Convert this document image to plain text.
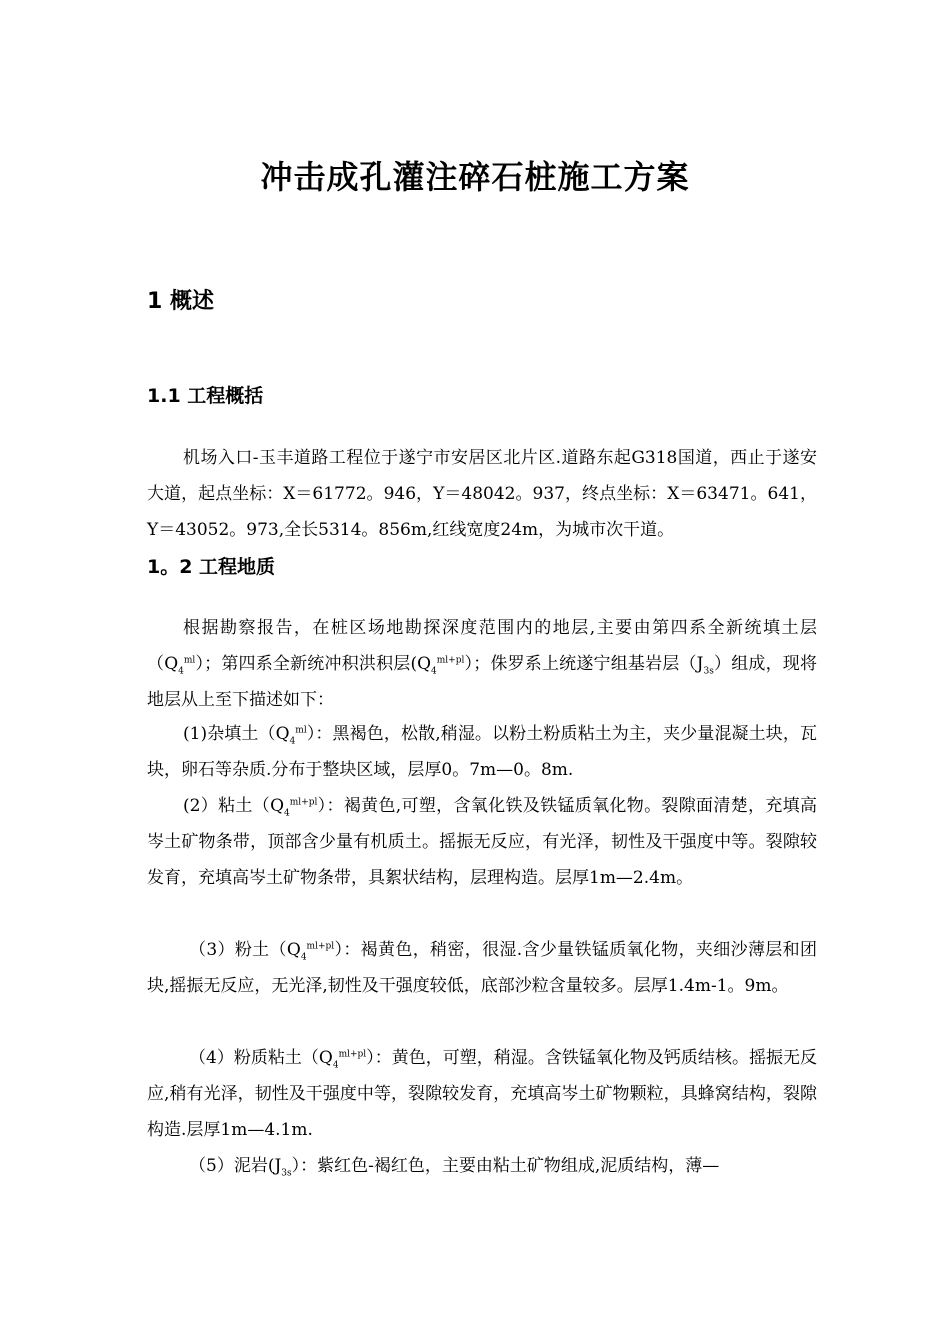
冲击成孔灌注碎石桩施工方案
1 概述
1.1 工程概括

机场入口-玉丰道路工程位于遂宁市安居区北片区.道路东起G318国道，西止于遂安大道，起点坐标：X＝61772。946，Y＝48042。937，终点坐标：X＝63471。641，Y＝43052。973,全长5314。856m,红线宽度24m，为城市次干道。

1。2 工程地质

根据勘察报告，在桩区场地勘探深度范围内的地层,主要由第四系全新统填土层$(Q_4^{ml})$；第四系全新统冲积洪积层$(Q_4^{ml+pl})$；侏罗系上统遂宁组基岩层$(J_{3s})$组成，现将地层从上至下描述如下：

(1)杂填土$(Q_4^{ml})$：黑褐色，松散,稍湿。以粉土粉质粘土为主，夹少量混凝土块，瓦块，卵石等杂质.分布于整块区域，层厚0。7m—0。8m.

(2）粘土$(Q_4^{ml+pl})$：褐黄色,可塑，含氧化铁及铁锰质氧化物。裂隙面清楚，充填高岑土矿物条带，顶部含少量有机质土。摇振无反应，有光泽，韧性及干强度中等。裂隙较发育，充填高岑土矿物条带，具絮状结构，层理构造。层厚1m—2.4m。

（3）粉土$(Q_4^{ml+pl})$：褐黄色，稍密，很湿.含少量铁锰质氧化物，夹细沙薄层和团块,摇振无反应，无光泽,韧性及干强度较低，底部沙粒含量较多。层厚1.4m-1。9m。

（4）粉质粘土$(Q_4^{ml+pl})$：黄色，可塑，稍湿。含铁锰氧化物及钙质结核。摇振无反应,稍有光泽，韧性及干强度中等，裂隙较发育，充填高岑土矿物颗粒，具蜂窝结构，裂隙构造.层厚1m—4.1m.

（5）泥岩$(J_{3s})$：紫红色-褐红色，主要由粘土矿物组成,泥质结构，薄—
